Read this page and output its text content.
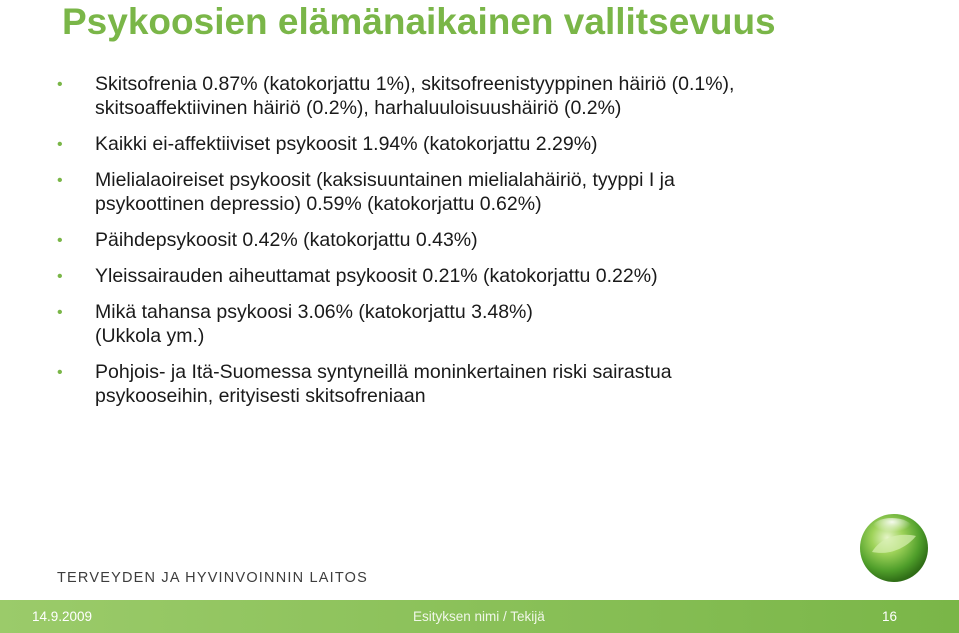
Psykoosien elämänaikainen vallitsevuus
• Skitsofrenia 0.87% (katokorjattu 1%), skitsofreenistyyppinen häiriö (0.1%),
skitsoaffektiivinen häiriö (0.2%), harhaluuloisuushäiriö (0.2%)
• Kaikki ei-affektiiviset psykoosit 1.94% (katokorjattu 2.29%)
• Mielialaoireiset psykoosit (kaksisuuntainen mielialahäiriö, tyyppi I ja
psykoottinen depressio) 0.59% (katokorjattu 0.62%)
• Päihdepsykoosit 0.42% (katokorjattu 0.43%)
• Yleissairauden aiheuttamat psykoosit 0.21% (katokorjattu 0.22%)
• Mikä tahansa psykoosi 3.06% (katokorjattu 3.48%)
(Ukkola ym.)
• Pohjois- ja Itä-Suomessa syntyneillä moninkertainen riski sairastua
psykooseihin, erityisesti skitsofreniaan
TERVEYDEN JA HYVINVOINNIN LAITOS
14.9.2009	Esityksen nimi / Tekijä	16
